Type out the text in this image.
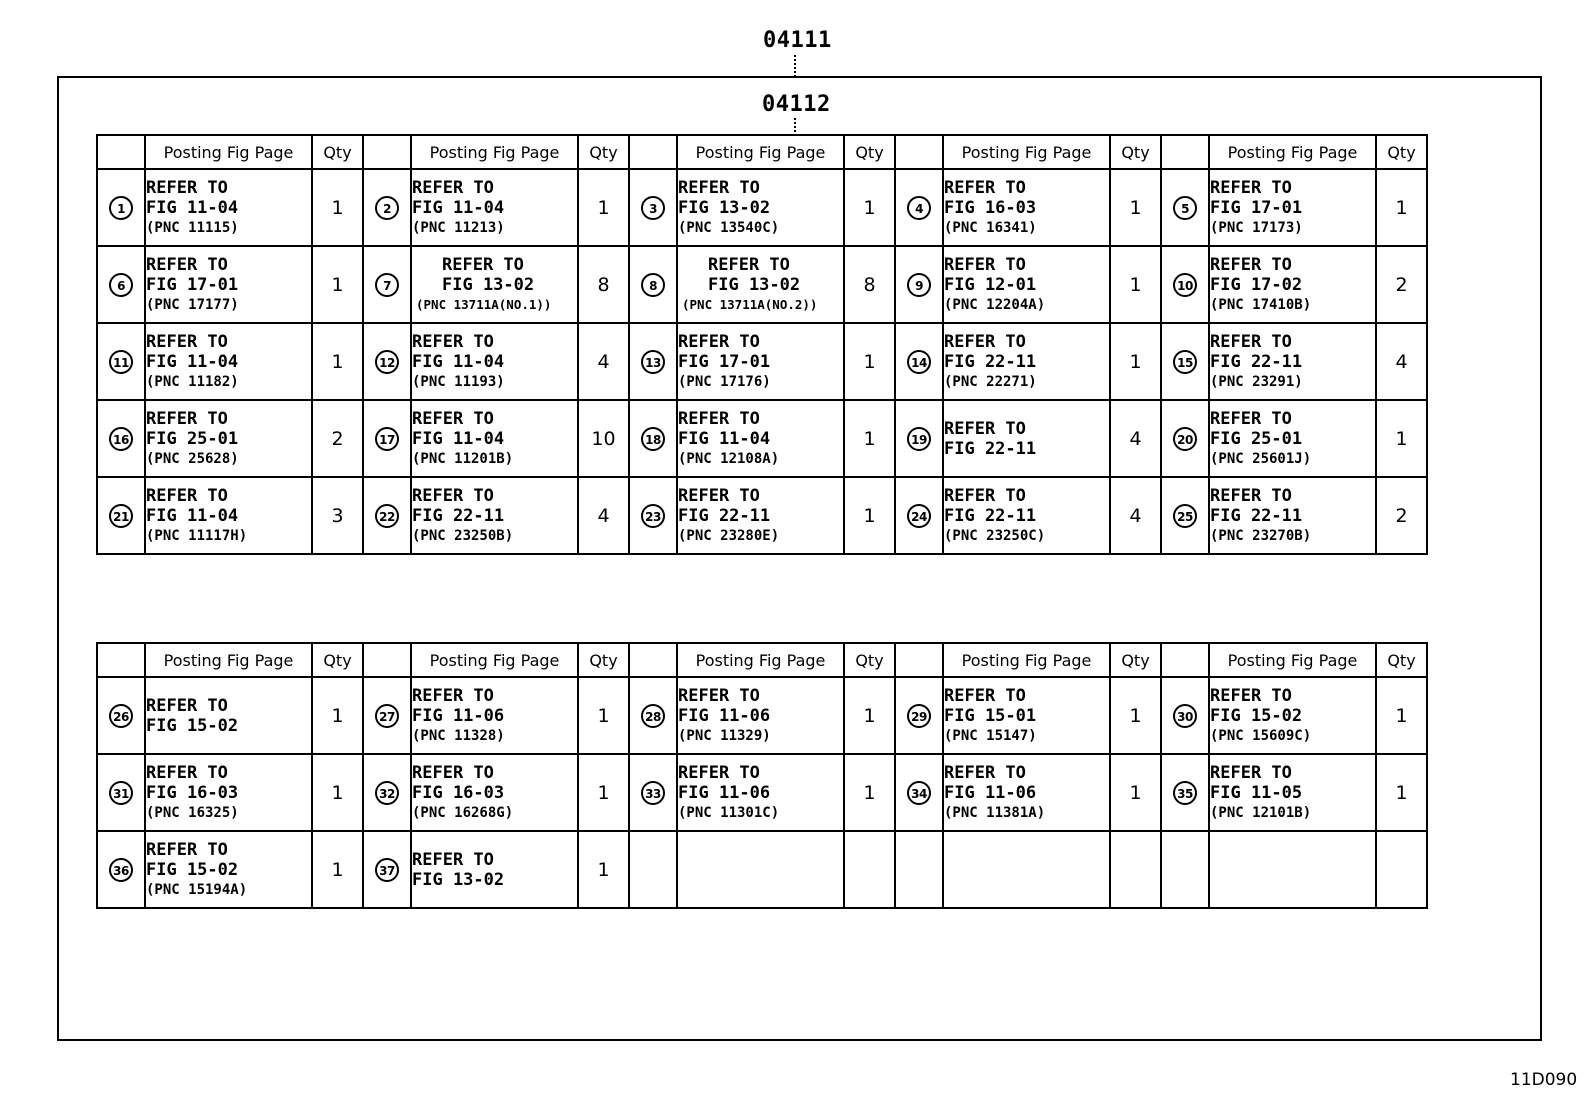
04111
04112
	Posting Fig Page	Qty		Posting Fig Page	Qty		Posting Fig Page	Qty		Posting Fig Page	Qty		Posting Fig Page	Qty
1	REFER TO
FIG 11-04
(PNC 11115)	1	2	REFER TO
FIG 11-04
(PNC 11213)	1	3	REFER TO
FIG 13-02
(PNC 13540C)	1	4	REFER TO
FIG 16-03
(PNC 16341)	1	5	REFER TO
FIG 17-01
(PNC 17173)	1
6	REFER TO
FIG 17-01
(PNC 17177)	1	7	REFER TO
FIG 13-02
(PNC 13711A(NO.1))	8	8	REFER TO
FIG 13-02
(PNC 13711A(NO.2))	8	9	REFER TO
FIG 12-01
(PNC 12204A)	1	10	REFER TO
FIG 17-02
(PNC 17410B)	2
11	REFER TO
FIG 11-04
(PNC 11182)	1	12	REFER TO
FIG 11-04
(PNC 11193)	4	13	REFER TO
FIG 17-01
(PNC 17176)	1	14	REFER TO
FIG 22-11
(PNC 22271)	1	15	REFER TO
FIG 22-11
(PNC 23291)	4
16	REFER TO
FIG 25-01
(PNC 25628)	2	17	REFER TO
FIG 11-04
(PNC 11201B)	10	18	REFER TO
FIG 11-04
(PNC 12108A)	1	19	REFER TO
FIG 22-11	4	20	REFER TO
FIG 25-01
(PNC 25601J)	1
21	REFER TO
FIG 11-04
(PNC 11117H)	3	22	REFER TO
FIG 22-11
(PNC 23250B)	4	23	REFER TO
FIG 22-11
(PNC 23280E)	1	24	REFER TO
FIG 22-11
(PNC 23250C)	4	25	REFER TO
FIG 22-11
(PNC 23270B)	2
	Posting Fig Page	Qty		Posting Fig Page	Qty		Posting Fig Page	Qty		Posting Fig Page	Qty		Posting Fig Page	Qty
26	REFER TO
FIG 15-02	1	27	REFER TO
FIG 11-06
(PNC 11328)	1	28	REFER TO
FIG 11-06
(PNC 11329)	1	29	REFER TO
FIG 15-01
(PNC 15147)	1	30	REFER TO
FIG 15-02
(PNC 15609C)	1
31	REFER TO
FIG 16-03
(PNC 16325)	1	32	REFER TO
FIG 16-03
(PNC 16268G)	1	33	REFER TO
FIG 11-06
(PNC 11301C)	1	34	REFER TO
FIG 11-06
(PNC 11381A)	1	35	REFER TO
FIG 11-05
(PNC 12101B)	1
36	REFER TO
FIG 15-02
(PNC 15194A)	1	37	REFER TO
FIG 13-02	1									
11D090
